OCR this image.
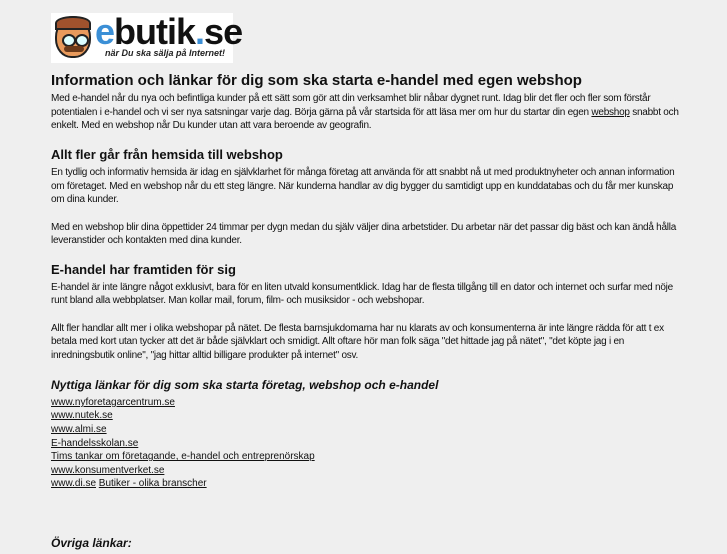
ebutik.se
när Du ska sälja på Internet!
Information och länkar för dig som ska starta e-handel med egen webshop

Med e-handel når du nya och befintliga kunder på ett sätt som gör att din verksamhet blir nåbar dygnet runt. Idag blir det fler och fler som förstår potentialen i e-handel och vi ser nya satsningar varje dag. Börja gärna på vår startsida för att läsa mer om hur du startar din egen webshop snabbt och enkelt. Med en webshop når Du kunder utan att vara beroende av geografin.

Allt fler går från hemsida till webshop

En tydlig och informativ hemsida är idag en självklarhet för många företag att använda för att snabbt nå ut med produktnyheter och annan information om företaget. Med en webshop når du ett steg längre. När kunderna handlar av dig bygger du samtidigt upp en kunddatabas och du får mer kunskap om dina kunder.

Med en webshop blir dina öppettider 24 timmar per dygn medan du själv väljer dina arbetstider. Du arbetar när det passar dig bäst och kan ändå hålla leveranstider och kontakten med dina kunder.

E-handel har framtiden för sig

E-handel är inte längre något exklusivt, bara för en liten utvald konsumentklick. Idag har de flesta tillgång till en dator och internet och surfar med nöje runt bland alla webbplatser. Man kollar mail, forum, film- och musiksidor - och webshopar.

Allt fler handlar allt mer i olika webshopar på nätet. De flesta barnsjukdomarna har nu klarats av och konsumenterna är inte längre rädda för att t ex betala med kort utan tycker att det är både självklart och smidigt. Allt oftare hör man folk säga "det hittade jag på nätet", "det köpte jag i en inredningsbutik online", "jag hittar alltid billigare produkter på internet" osv.

Nyttiga länkar för dig som ska starta företag, webshop och e-handel
www.nyforetagarcentrum.se
www.nutek.se
www.almi.se
E-handelsskolan.se
Tims tankar om företagande, e-handel och entreprenörskap
www.konsumentverket.se
www.di.se Butiker - olika branscher
Övriga länkar:
